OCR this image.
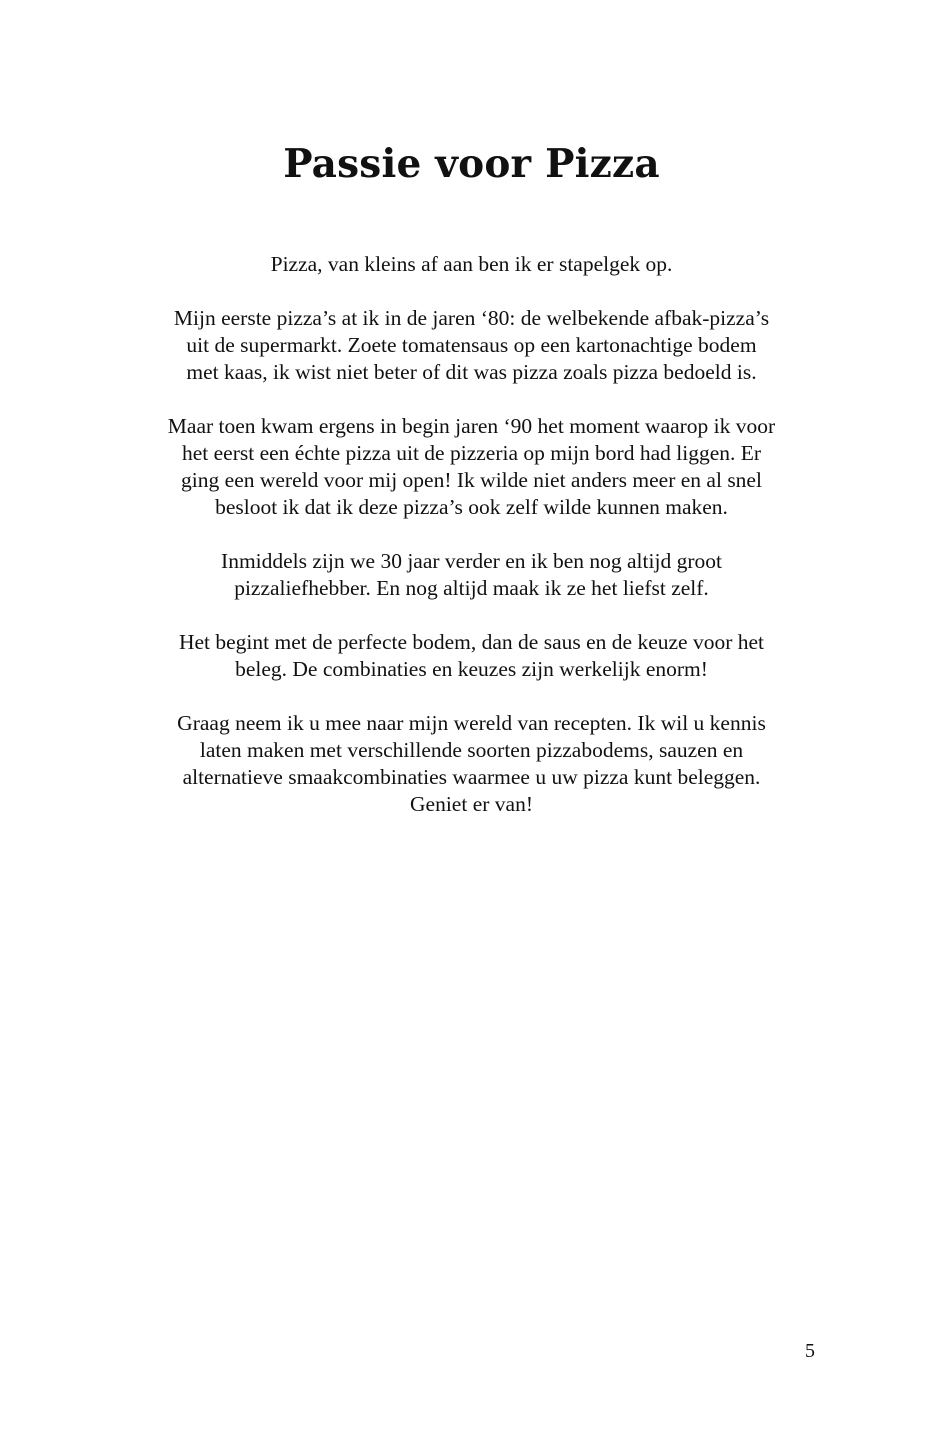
Passie voor Pizza

Pizza, van kleins af aan ben ik er stapelgek op.

Mijn eerste pizza’s at ik in de jaren ‘80: de welbekende afbak-pizza’s
uit de supermarkt. Zoete tomatensaus op een kartonachtige bodem
met kaas, ik wist niet beter of dit was pizza zoals pizza bedoeld is.

Maar toen kwam ergens in begin jaren ‘90 het moment waarop ik voor
het eerst een échte pizza uit de pizzeria op mijn bord had liggen. Er
ging een wereld voor mij open! Ik wilde niet anders meer en al snel
besloot ik dat ik deze pizza’s ook zelf wilde kunnen maken.

Inmiddels zijn we 30 jaar verder en ik ben nog altijd groot
pizzaliefhebber. En nog altijd maak ik ze het liefst zelf.

Het begint met de perfecte bodem, dan de saus en de keuze voor het
beleg. De combinaties en keuzes zijn werkelijk enorm!

Graag neem ik u mee naar mijn wereld van recepten. Ik wil u kennis
laten maken met verschillende soorten pizzabodems, sauzen en
alternatieve smaakcombinaties waarmee u uw pizza kunt beleggen.
Geniet er van!

5
